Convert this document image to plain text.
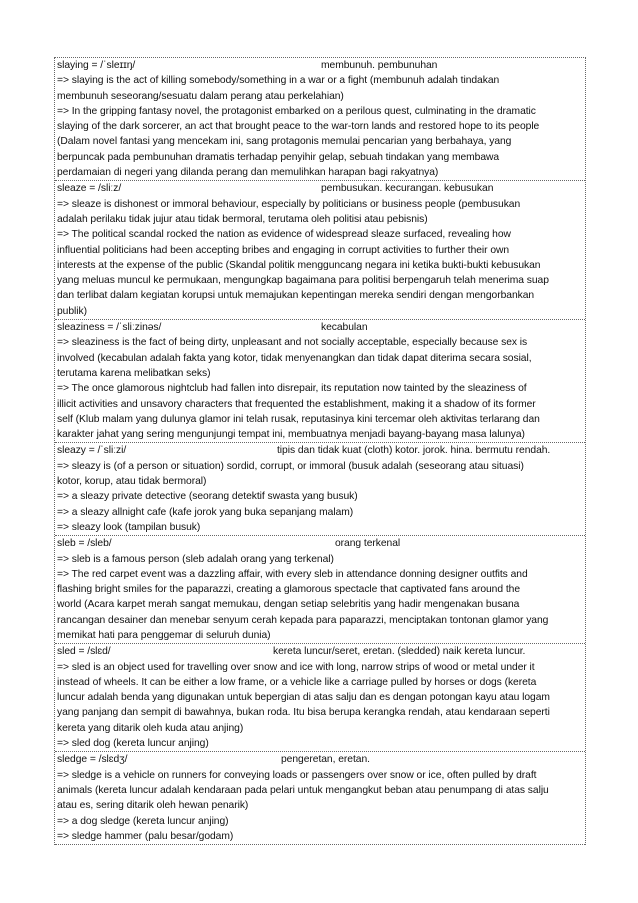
slaying = /ˈsleɪɪŋ/	membunuh. pembunuhan
=> slaying is the act of killing somebody/something in a war or a fight (membunuh adalah tindakan
membunuh seseorang/sesuatu dalam perang atau perkelahian)
=> In the gripping fantasy novel, the protagonist embarked on a perilous quest, culminating in the dramatic
slaying of the dark sorcerer, an act that brought peace to the war-torn lands and restored hope to its people
(Dalam novel fantasi yang mencekam ini, sang protagonis memulai pencarian yang berbahaya, yang
berpuncak pada pembunuhan dramatis terhadap penyihir gelap, sebuah tindakan yang membawa
perdamaian di negeri yang dilanda perang dan memulihkan harapan bagi rakyatnya)
sleaze = /sliːz/	pembusukan. kecurangan. kebusukan
=> sleaze is dishonest or immoral behaviour, especially by politicians or business people (pembusukan
adalah perilaku tidak jujur atau tidak bermoral, terutama oleh politisi atau pebisnis)
=> The political scandal rocked the nation as evidence of widespread sleaze surfaced, revealing how
influential politicians had been accepting bribes and engaging in corrupt activities to further their own
interests at the expense of the public (Skandal politik mengguncang negara ini ketika bukti-bukti kebusukan
yang meluas muncul ke permukaan, mengungkap bagaimana para politisi berpengaruh telah menerima suap
dan terlibat dalam kegiatan korupsi untuk memajukan kepentingan mereka sendiri dengan mengorbankan
publik)
sleaziness = /ˈsliːzinəs/	kecabulan
=> sleaziness is the fact of being dirty, unpleasant and not socially acceptable, especially because sex is
involved (kecabulan adalah fakta yang kotor, tidak menyenangkan dan tidak dapat diterima secara sosial,
terutama karena melibatkan seks)
=> The once glamorous nightclub had fallen into disrepair, its reputation now tainted by the sleaziness of
illicit activities and unsavory characters that frequented the establishment, making it a shadow of its former
self (Klub malam yang dulunya glamor ini telah rusak, reputasinya kini tercemar oleh aktivitas terlarang dan
karakter jahat yang sering mengunjungi tempat ini, membuatnya menjadi bayang-bayang masa lalunya)
sleazy = /ˈsliːzi/	tipis dan tidak kuat (cloth) kotor. jorok. hina. bermutu rendah.
=> sleazy is (of a person or situation) sordid, corrupt, or immoral (busuk adalah (seseorang atau situasi)
kotor, korup, atau tidak bermoral)
=> a sleazy private detective (seorang detektif swasta yang busuk)
=> a sleazy allnight cafe (kafe jorok yang buka sepanjang malam)
=> sleazy look (tampilan busuk)
sleb = /sleb/	orang terkenal
=> sleb is a famous person (sleb adalah orang yang terkenal)
=> The red carpet event was a dazzling affair, with every sleb in attendance donning designer outfits and
flashing bright smiles for the paparazzi, creating a glamorous spectacle that captivated fans around the
world (Acara karpet merah sangat memukau, dengan setiap selebritis yang hadir mengenakan busana
rancangan desainer dan menebar senyum cerah kepada para paparazzi, menciptakan tontonan glamor yang
memikat hati para penggemar di seluruh dunia)
sled = /slɛd/	kereta luncur/seret, eretan. (sledded) naik kereta luncur.
=> sled is an object used for travelling over snow and ice with long, narrow strips of wood or metal under it
instead of wheels. It can be either a low frame, or a vehicle like a carriage pulled by horses or dogs (kereta
luncur adalah benda yang digunakan untuk bepergian di atas salju dan es dengan potongan kayu atau logam
yang panjang dan sempit di bawahnya, bukan roda. Itu bisa berupa kerangka rendah, atau kendaraan seperti
kereta yang ditarik oleh kuda atau anjing)
=> sled dog (kereta luncur anjing)
sledge = /slɛdʒ/	pengeretan, eretan.
=> sledge is a vehicle on runners for conveying loads or passengers over snow or ice, often pulled by draft
animals (kereta luncur adalah kendaraan pada pelari untuk mengangkut beban atau penumpang di atas salju
atau es, sering ditarik oleh hewan penarik)
=> a dog sledge (kereta luncur anjing)
=> sledge hammer (palu besar/godam)
